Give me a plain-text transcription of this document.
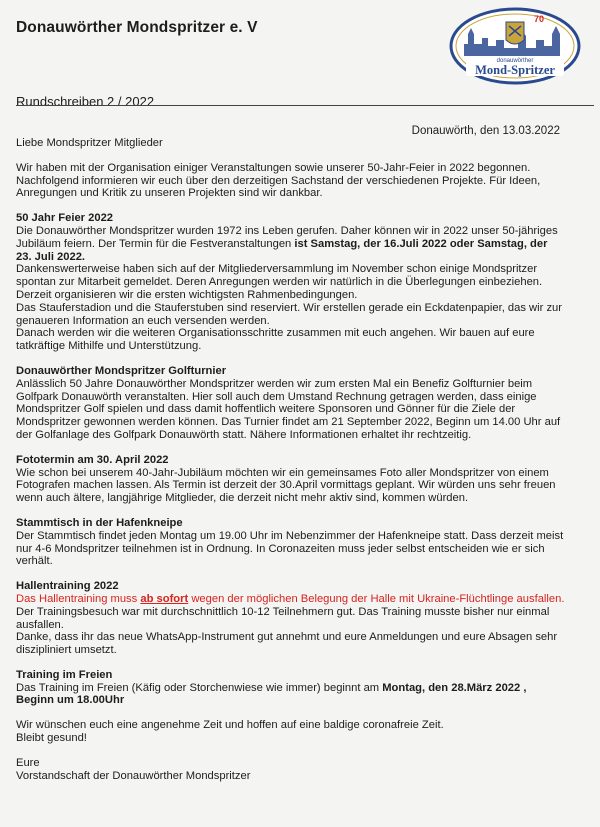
Donauwörther Mondspritzer e. V	70
donauwörther
Mond-Spritzer
Rundschreiben 2 / 2022
Donauwörth, den 13.03.2022

Liebe Mondspritzer Mitglieder

Wir haben mit der Organisation einiger Veranstaltungen sowie unserer 50-Jahr-Feier in 2022 begonnen.

Nachfolgend informieren wir euch über den derzeitigen Sachstand der verschiedenen Projekte. Für Ideen,

Anregungen und Kritik zu unseren Projekten sind wir dankbar.

50 Jahr Feier 2022

Die Donauwörther Mondspritzer wurden 1972 ins Leben gerufen. Daher können wir in 2022 unser 50-jähriges

Jubiläum feiern. Der Termin für die Festveranstaltungen ist Samstag, der 16.Juli 2022 oder Samstag, der

23. Juli 2022.

Dankenswerterweise haben sich auf der Mitgliederversammlung im November schon einige Mondspritzer

spontan zur Mitarbeit gemeldet. Deren Anregungen werden wir natürlich in die Überlegungen einbeziehen.

Derzeit organisieren wir die ersten wichtigsten Rahmenbedingungen.

Das Stauferstadion und die Stauferstuben sind reserviert. Wir erstellen gerade ein Eckdatenpapier, das wir zur

genaueren Information an euch versenden werden.

Danach werden wir die weiteren Organisationsschritte zusammen mit euch angehen. Wir bauen auf eure

tatkräftige Mithilfe und Unterstützung.

Donauwörther Mondspritzer Golfturnier

Anlässlich 50 Jahre Donauwörther Mondspritzer werden wir zum ersten Mal ein Benefiz Golfturnier beim

Golfpark Donauwörth veranstalten. Hier soll auch dem Umstand Rechnung getragen werden, dass einige

Mondspritzer Golf spielen und dass damit hoffentlich weitere Sponsoren und Gönner für die Ziele der

Mondspritzer gewonnen werden können. Das Turnier findet am 21 September 2022, Beginn um 14.00 Uhr auf

der Golfanlage des Golfpark Donauwörth statt. Nähere Informationen erhaltet ihr rechtzeitig.

Fototermin am 30. April 2022

Wie schon bei unserem 40-Jahr-Jubiläum möchten wir ein gemeinsames Foto aller Mondspritzer von einem

Fotografen machen lassen. Als Termin ist derzeit der 30.April vormittags geplant. Wir würden uns sehr freuen

wenn auch ältere, langjährige Mitglieder, die derzeit nicht mehr aktiv sind, kommen würden.

Stammtisch in der Hafenkneipe

Der Stammtisch findet jeden Montag um 19.00 Uhr im Nebenzimmer der Hafenkneipe statt. Dass derzeit meist

nur 4-6 Mondspritzer teilnehmen ist in Ordnung. In Coronazeiten muss jeder selbst entscheiden wie er sich

verhält.

Hallentraining 2022

Das Hallentraining muss ab sofort wegen der möglichen Belegung der Halle mit Ukraine-Flüchtlinge ausfallen.

Der Trainingsbesuch war mit durchschnittlich 10-12 Teilnehmern gut. Das Training musste bisher nur einmal

ausfallen.

Danke, dass ihr das neue WhatsApp-Instrument gut annehmt und eure Anmeldungen und eure Absagen sehr

diszipliniert umsetzt.

Training im Freien

Das Training im Freien (Käfig oder Storchenwiese wie immer) beginnt am Montag, den 28.März 2022 ,

Beginn um 18.00Uhr

Wir wünschen euch eine angenehme Zeit und hoffen auf eine baldige coronafreie Zeit.

Bleibt gesund!

Eure

Vorstandschaft der Donauwörther Mondspritzer
